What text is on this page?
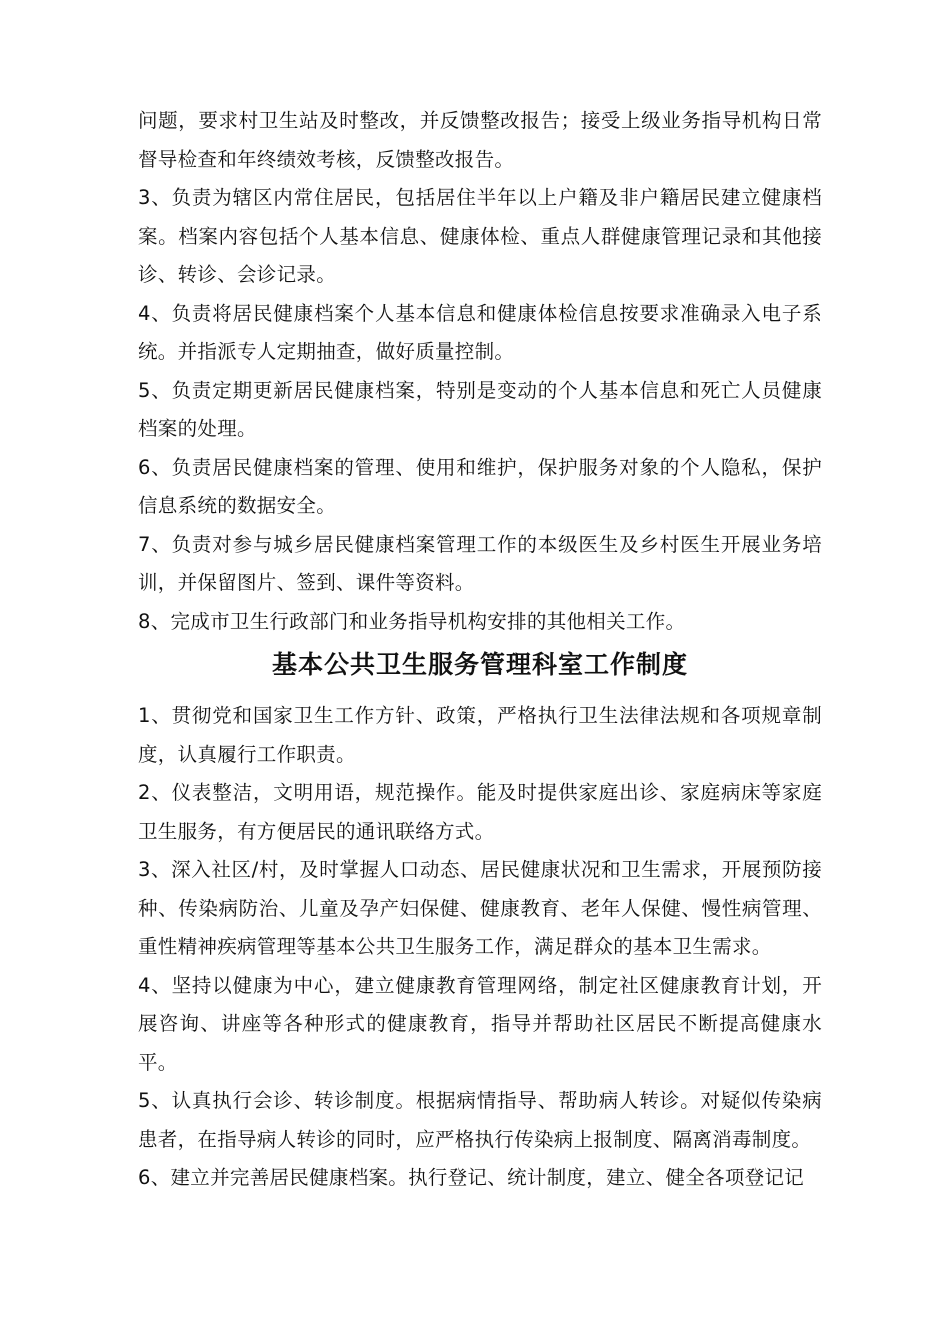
问题，要求村卫生站及时整改，并反馈整改报告；接受上级业务指导机构日常督导检查和年终绩效考核，反馈整改报告。

3、负责为辖区内常住居民，包括居住半年以上户籍及非户籍居民建立健康档案。档案内容包括个人基本信息、健康体检、重点人群健康管理记录和其他接诊、转诊、会诊记录。

4、负责将居民健康档案个人基本信息和健康体检信息按要求准确录入电子系统。并指派专人定期抽查，做好质量控制。

5、负责定期更新居民健康档案，特别是变动的个人基本信息和死亡人员健康档案的处理。

6、负责居民健康档案的管理、使用和维护，保护服务对象的个人隐私，保护信息系统的数据安全。

7、负责对参与城乡居民健康档案管理工作的本级医生及乡村医生开展业务培训，并保留图片、签到、课件等资料。

8、完成市卫生行政部门和业务指导机构安排的其他相关工作。

基本公共卫生服务管理科室工作制度

1、贯彻党和国家卫生工作方针、政策，严格执行卫生法律法规和各项规章制度，认真履行工作职责。

2、仪表整洁，文明用语，规范操作。能及时提供家庭出诊、家庭病床等家庭卫生服务，有方便居民的通讯联络方式。

3、深入社区/村，及时掌握人口动态、居民健康状况和卫生需求，开展预防接种、传染病防治、儿童及孕产妇保健、健康教育、老年人保健、慢性病管理、重性精神疾病管理等基本公共卫生服务工作，满足群众的基本卫生需求。

4、坚持以健康为中心，建立健康教育管理网络，制定社区健康教育计划，开展咨询、讲座等各种形式的健康教育，指导并帮助社区居民不断提高健康水平。

5、认真执行会诊、转诊制度。根据病情指导、帮助病人转诊。对疑似传染病患者，在指导病人转诊的同时，应严格执行传染病上报制度、隔离消毒制度。

6、建立并完善居民健康档案。执行登记、统计制度，建立、健全各项登记记
